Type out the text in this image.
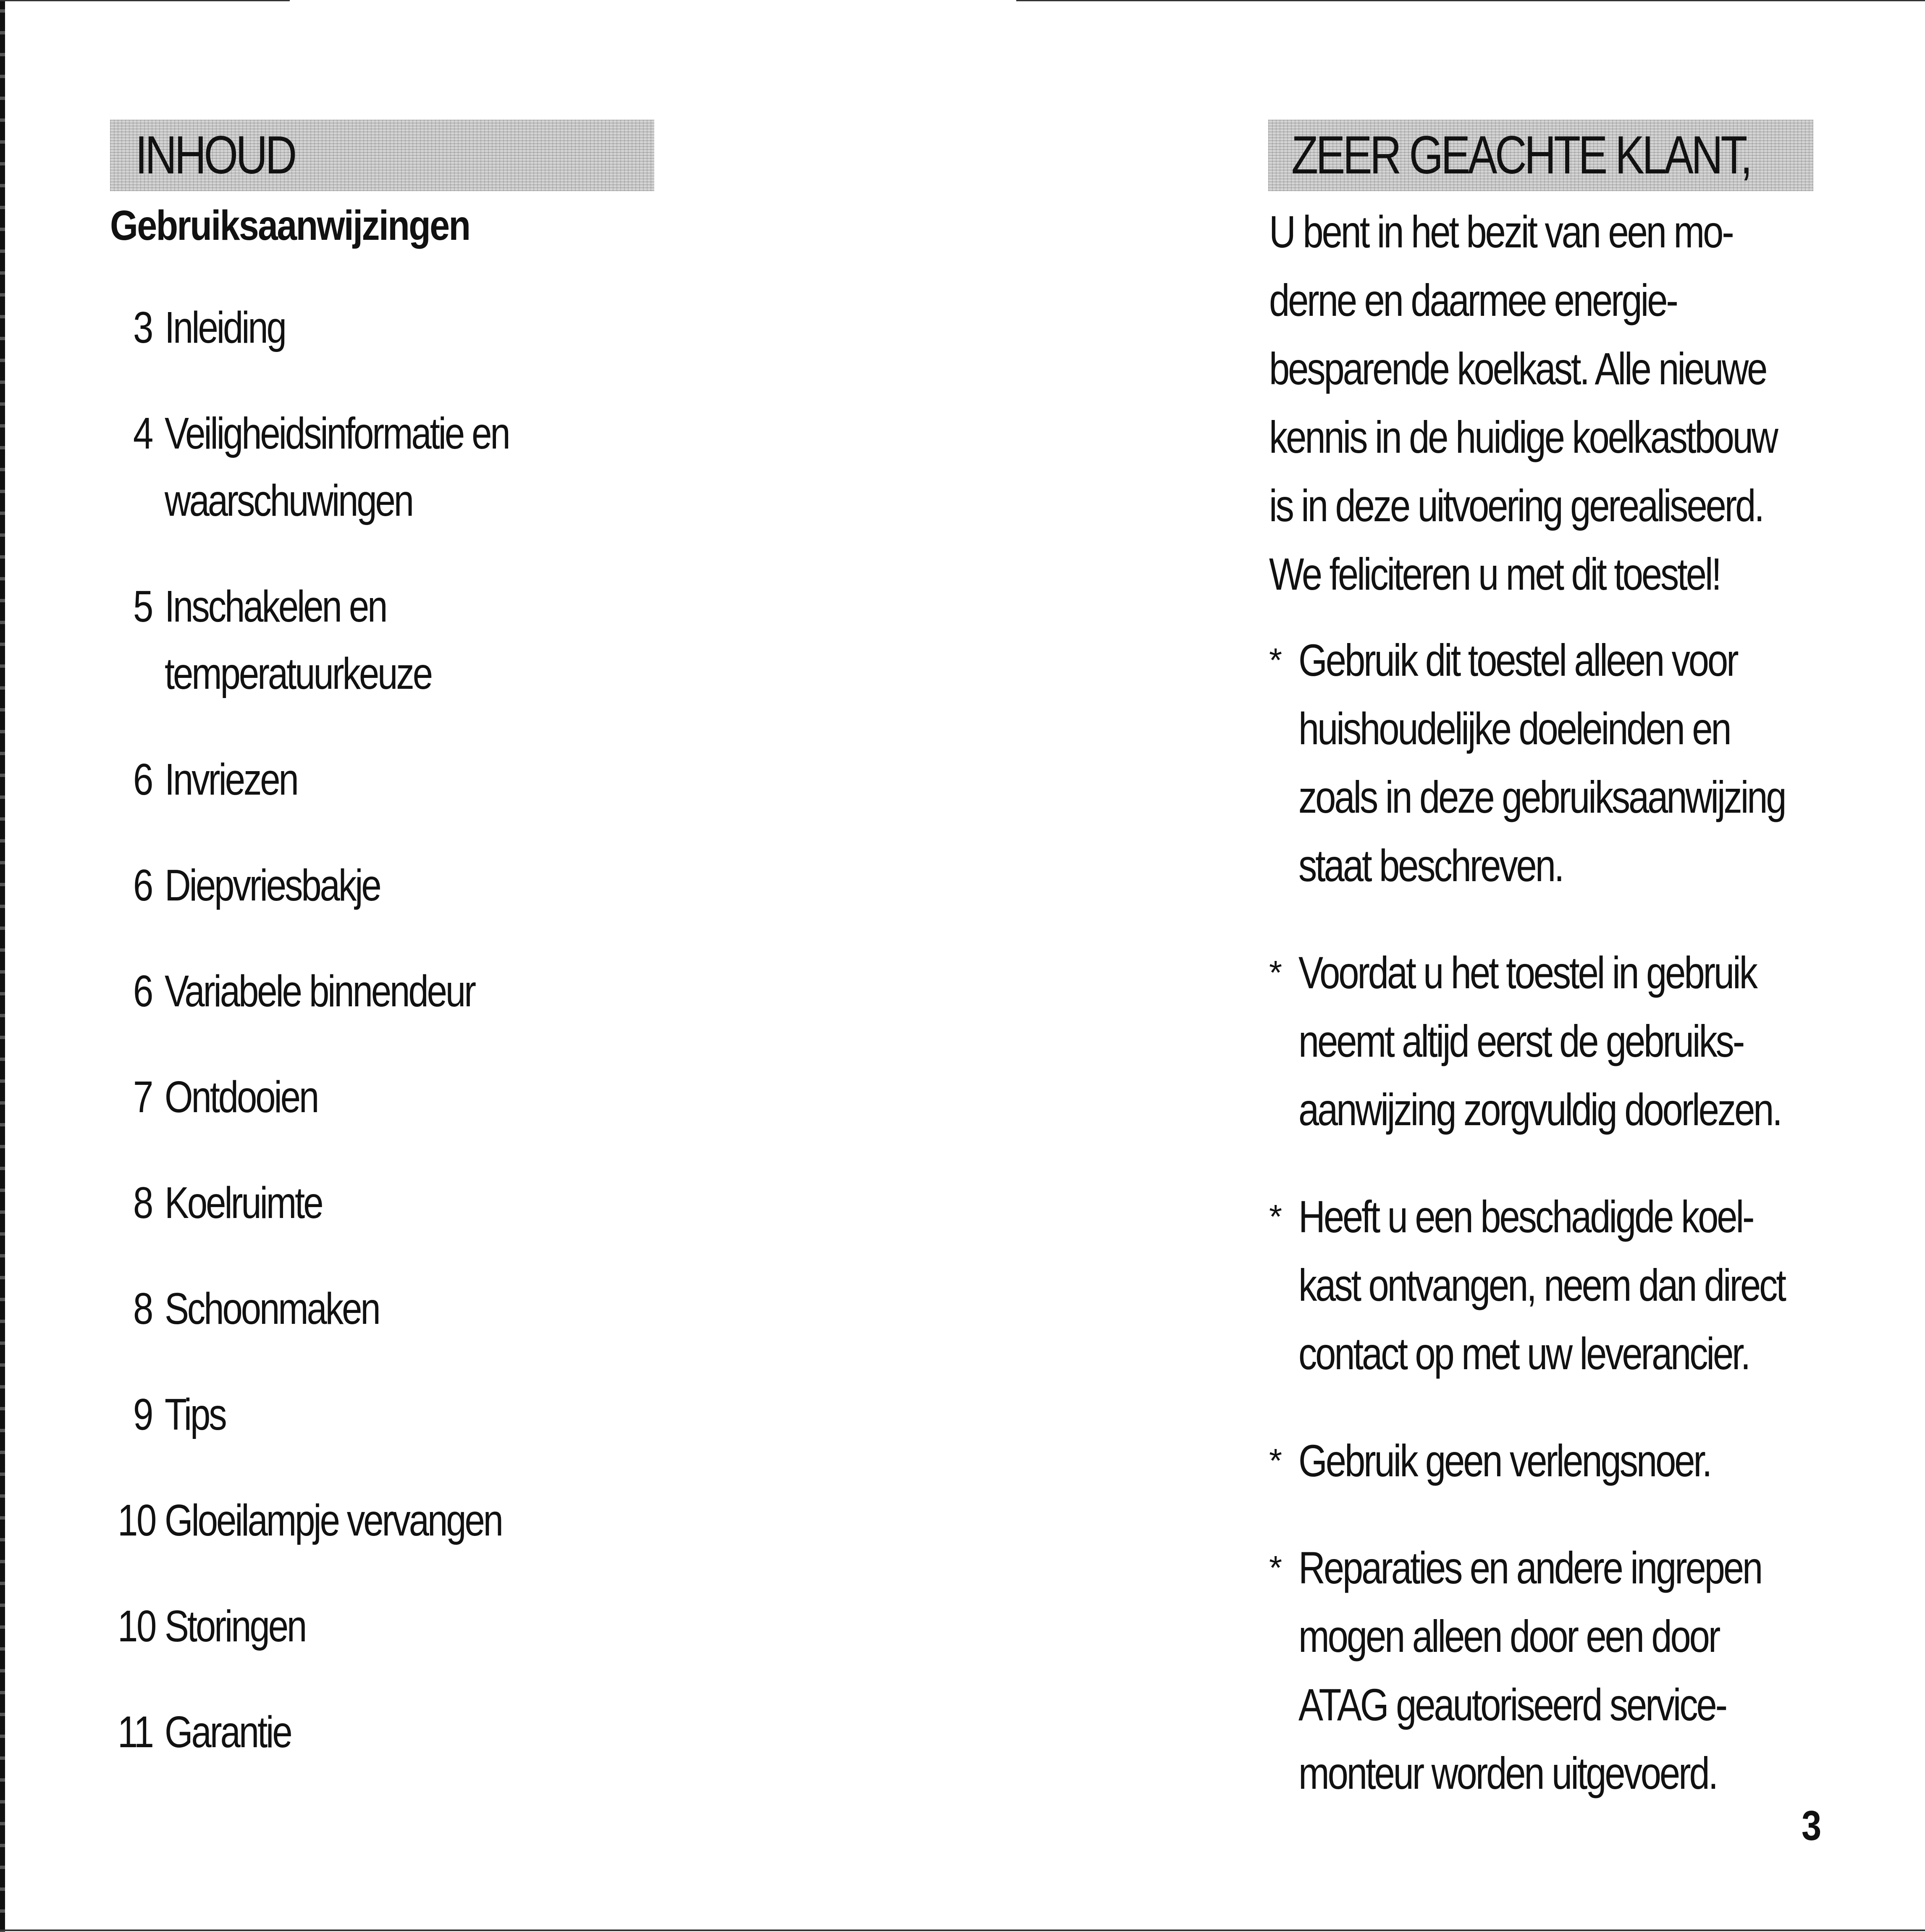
INHOUD
Gebruiksaanwijzingen
3 Inleiding
4 Veiligheidsinformatie en
waarschuwingen
5 Inschakelen en
temperatuurkeuze
6 Invriezen
6 Diepvriesbakje
6 Variabele binnendeur
7 Ontdooien
8 Koelruimte
8 Schoonmaken
9 Tips
10 Gloeilampje vervangen
10 Storingen
11 Garantie
ZEER GEACHTE KLANT,
U bent in het bezit van een mo-
derne en daarmee energie-
besparende koelkast. Alle nieuwe
kennis in de huidige koelkastbouw
is in deze uitvoering gerealiseerd.
We feliciteren u met dit toestel!
* Gebruik dit toestel alleen voor
huishoudelijke doeleinden en
zoals in deze gebruiksaanwijzing
staat beschreven.
* Voordat u het toestel in gebruik
neemt altijd eerst de gebruiks-
aanwijzing zorgvuldig doorlezen.
* Heeft u een beschadigde koel-
kast ontvangen, neem dan direct
contact op met uw leverancier.
* Gebruik geen verlengsnoer.
* Reparaties en andere ingrepen
mogen alleen door een door
ATAG geautoriseerd service-
monteur worden uitgevoerd.
3
